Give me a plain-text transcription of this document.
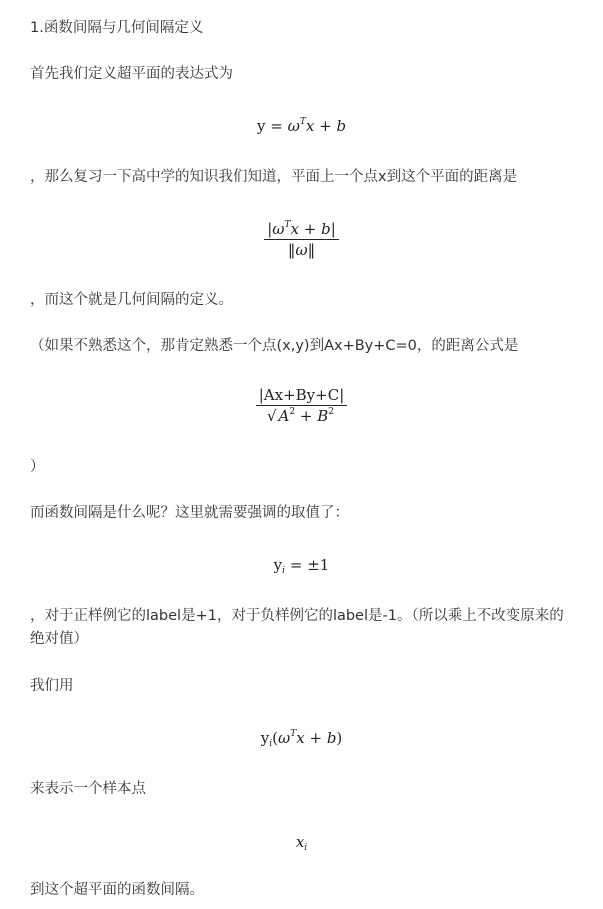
1.函数间隔与几何间隔定义

首先我们定义超平面的表达式为

$y = \omega^Tx + b$

，那么复习一下高中学的知识我们知道，平面上一个点x到这个平面的距离是

$\frac{|\omega^Tx + b|}{‖\omega‖}$

，而这个就是几何间隔的定义。

（如果不熟悉这个，那肯定熟悉一个点(x,y)到Ax+By+C=0，的距离公式是

$\frac{|Ax+By+C|}{√ A^2 + B^2}$

）

而函数间隔是什么呢？这里就需要强调的取值了：

$y_i = \pm 1$

，对于正样例它的label是+1，对于负样例它的label是-1。（所以乘上不改变原来的绝对值）

我们用

$y_i(\omega^Tx + b)$

来表示一个样本点

$x_i$

到这个超平面的函数间隔。
